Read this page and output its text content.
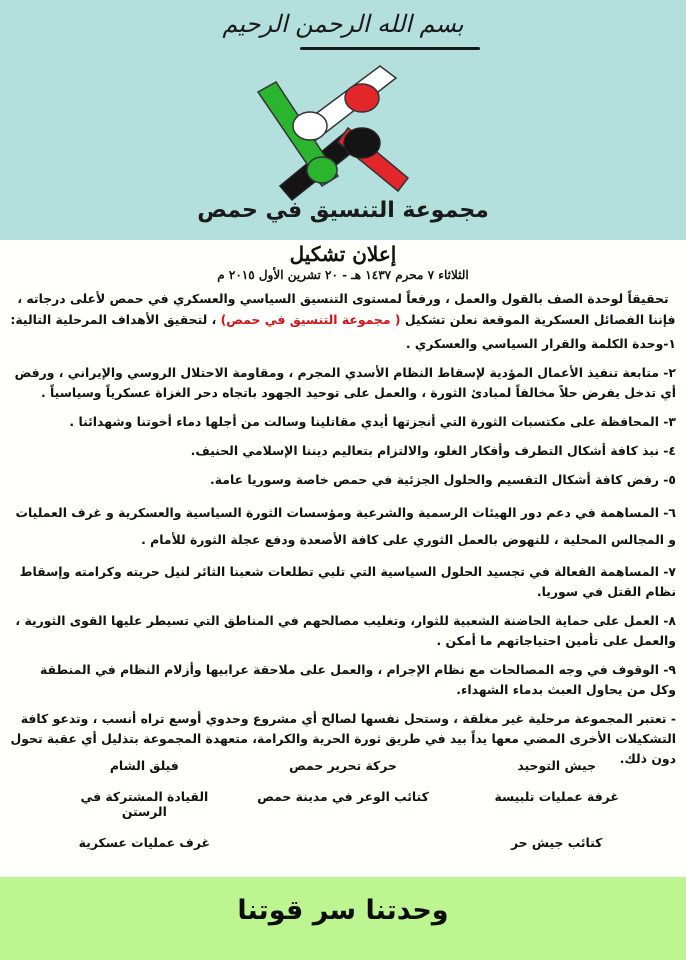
بسم الله الرحمن الرحيم
مجموعة التنسيق في حمص
إعلان تشكيل
الثلاثاء ٧ محرم ١٤٣٧ هـ - ٢٠ تشرين الأول ٢٠١٥ م
تحقيقاً لوحدة الصف بالقول والعمل ، ورفعاً لمستوى التنسيق السياسي والعسكري في حمص لأعلى درجاته ، فإننا الفصائل العسكرية الموقعة نعلن تشكيل ( مجموعة التنسيق في حمص) ، لتحقيق الأهداف المرحلية التالية:
١-وحدة الكلمة والقرار السياسي والعسكري .
٢- متابعة تنفيذ الأعمال المؤدية لإسقاط النظام الأسدي المجرم ، ومقاومة الاحتلال الروسي والإيراني ، ورفض أي تدخل يفرض حلاً مخالفاً لمبادئ الثورة ، والعمل على توحيد الجهود باتجاه دحر الغزاة عسكرياً وسياسياً .
٣- المحافظة على مكتسبات الثورة التي أنجزتها أيدي مقاتلينا وسالت من أجلها دماء أخوتنا وشهدائنا .
٤- نبذ كافة أشكال التطرف وأفكار الغلو، والالتزام بتعاليم ديننا الإسلامي الحنيف.
٥- رفض كافة أشكال التقسيم والحلول الجزئية في حمص خاصة وسوريا عامة.
٦- المساهمة في دعم دور الهيئات الرسمية والشرعية ومؤسسات الثورة السياسية والعسكرية و غرف العمليات و المجالس المحلية ، للنهوض بالعمل الثوري على كافة الأصعدة ودفع عجلة الثورة للأمام .
٧- المساهمة الفعالة في تجسيد الحلول السياسية التي تلبي تطلعات شعبنا الثائر لنيل حريته وكرامته وإسقاط نظام القتل في سوريا.
٨- العمل على حماية الحاضنة الشعبية للثوار، وتغليب مصالحهم في المناطق التي تسيطر عليها القوى الثورية ، والعمل على تأمين احتياجاتهم ما أمكن .
٩- الوقوف في وجه المصالحات مع نظام الإجرام ، والعمل على ملاحقة عرابيها وأزلام النظام في المنطقة وكل من يحاول العبث بدماء الشهداء.
- تعتبر المجموعة مرحلية غير مغلقة ، وستحل نفسها لصالح أي مشروع وحدوي أوسع تراه أنسب ، وتدعو كافة التشكيلات الأخرى المضي معها يداً بيد في طريق ثورة الحرية والكرامة، متعهدة المجموعة بتذليل أي عقبة تحول دون ذلك.
جيش التوحيد
حركة تحرير حمص
فيلق الشام
غرفة عمليات تلبيسة
كتائب الوعر في مدينة حمص
القيادة المشتركة في الرستن
كتائب جيش حر
غرف عمليات عسكرية
وحدتنا سر قوتنا
